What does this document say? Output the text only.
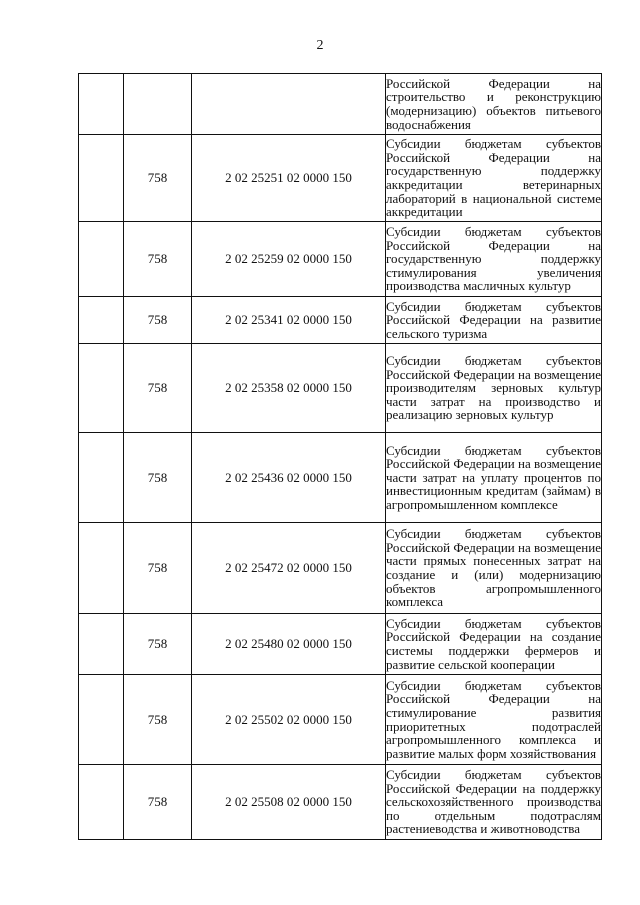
2
			Российской Федерации на строительство и реконструкцию (модернизацию) объектов питьевого водоснабжения
	758	2 02 25251 02 0000 150	Субсидии бюджетам субъектов Российской Федерации на государственную поддержку аккредитации ветеринарных лабораторий в национальной системе аккредитации
	758	2 02 25259 02 0000 150	Субсидии бюджетам субъектов Российской Федерации на государственную поддержку стимулирования увеличения производства масличных культур
	758	2 02 25341 02 0000 150	Субсидии бюджетам субъектов Российской Федерации на развитие сельского туризма
	758	2 02 25358 02 0000 150	Субсидии бюджетам субъектов Российской Федерации на возмещение производителям зерновых культур части затрат на производство и реализацию зерновых культур
	758	2 02 25436 02 0000 150	Субсидии бюджетам субъектов Российской Федерации на возмещение части затрат на уплату процентов по инвестиционным кредитам (займам) в агропромышленном комплексе
	758	2 02 25472 02 0000 150	Субсидии бюджетам субъектов Российской Федерации на возмещение части прямых понесенных затрат на создание и (или) модернизацию объектов агропромышленного комплекса
	758	2 02 25480 02 0000 150	Субсидии бюджетам субъектов Российской Федерации на создание системы поддержки фермеров и развитие сельской кооперации
	758	2 02 25502 02 0000 150	Субсидии бюджетам субъектов Российской Федерации на стимулирование развития приоритетных подотраслей агропромышленного комплекса и развитие малых форм хозяйствования
	758	2 02 25508 02 0000 150	Субсидии бюджетам субъектов Российской Федерации на поддержку сельскохозяйственного производства по отдельным подотраслям растениеводства и животноводства
